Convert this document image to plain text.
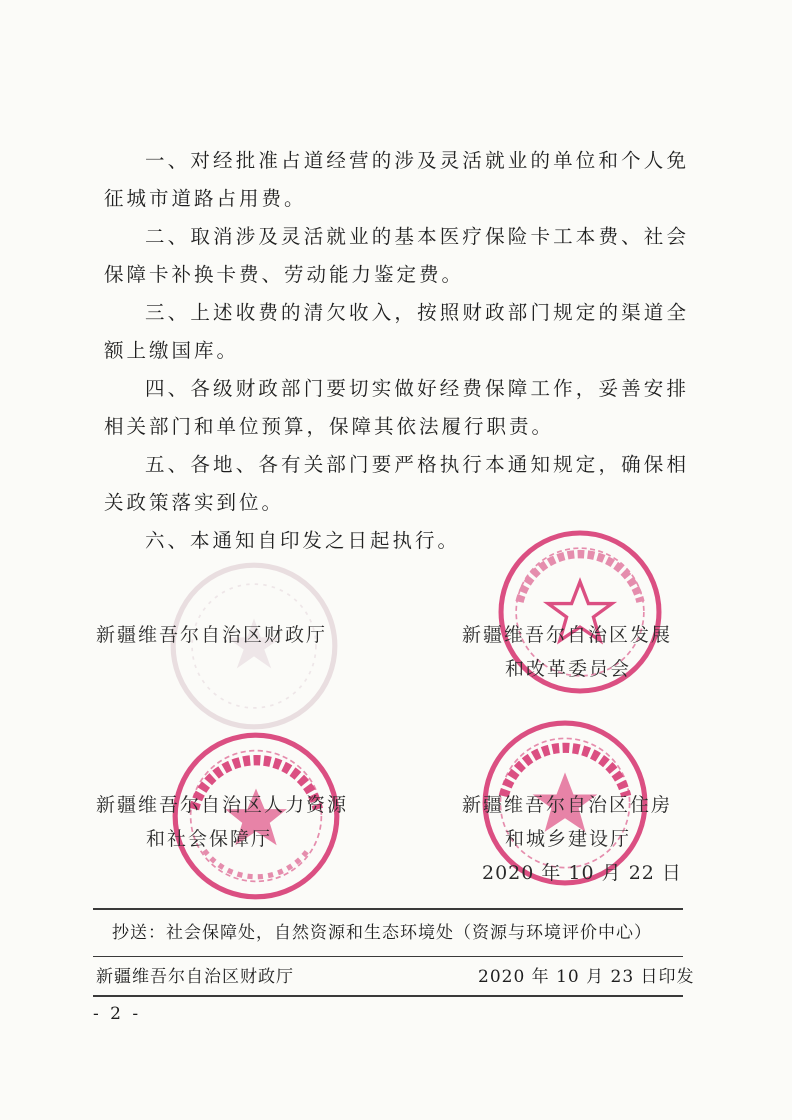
一、对经批准占道经营的涉及灵活就业的单位和个人免征城市道路占用费。

二、取消涉及灵活就业的基本医疗保险卡工本费、社会保障卡补换卡费、劳动能力鉴定费。

三、上述收费的清欠收入，按照财政部门规定的渠道全额上缴国库。

四、各级财政部门要切实做好经费保障工作，妥善安排相关部门和单位预算，保障其依法履行职责。

五、各地、各有关部门要严格执行本通知规定，确保相关政策落实到位。

六、本通知自印发之日起执行。

新疆维吾尔自治区财政厅	新疆维吾尔自治区发展
和改革委员会
新疆维吾尔自治区人力资源
和社会保障厅
新疆维吾尔自治区住房
和城乡建设厅
2020 年 10 月 22 日
抄送：社会保障处，自然资源和生态环境处（资源与环境评价中心）
新疆维吾尔自治区财政厅	2020 年 10 月 23 日印发
- 2 -
